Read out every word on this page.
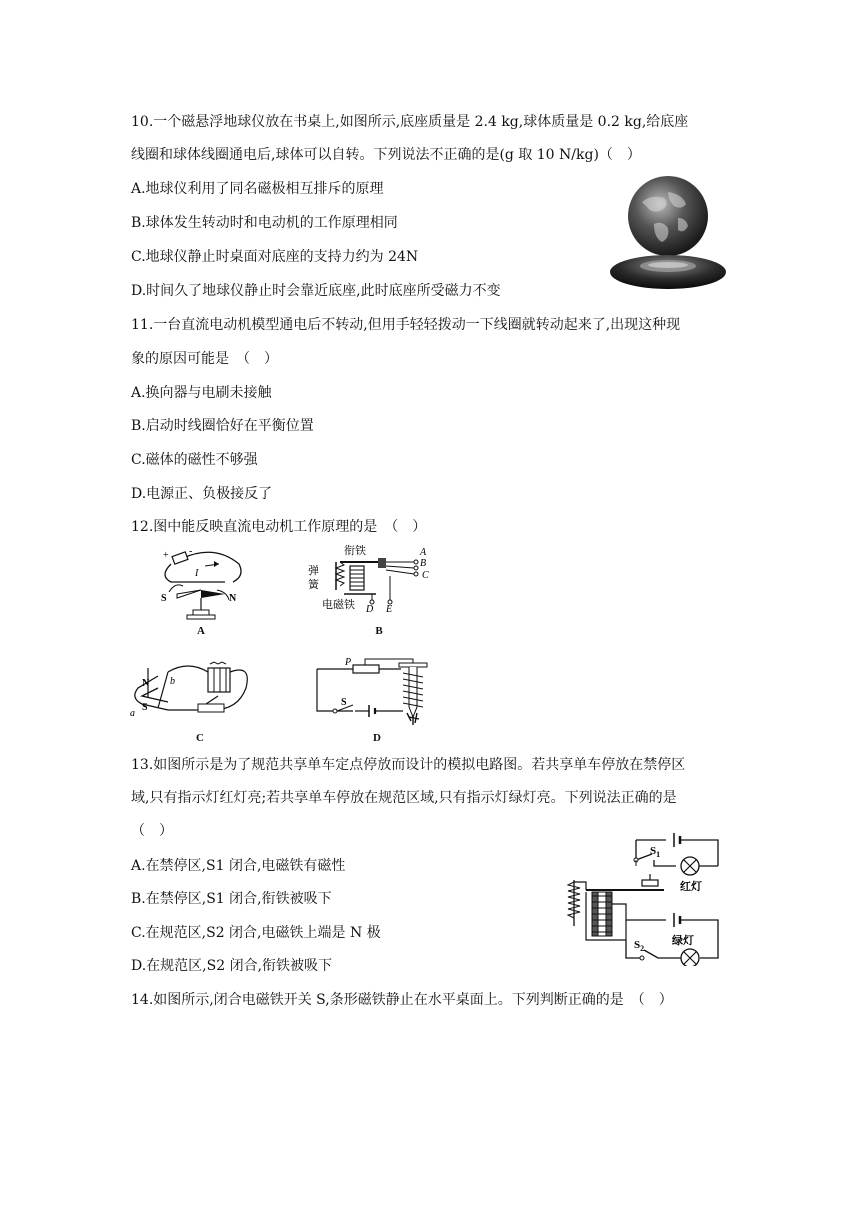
10.一个磁悬浮地球仪放在书桌上,如图所示,底座质量是 2.4 kg,球体质量是 0.2 kg,给底座
线圈和球体线圈通电后,球体可以自转。下列说法不正确的是(g 取 10 N/kg)（　）
A.地球仪利用了同名磁极相互排斥的原理
B.球体发生转动时和电动机的工作原理相同
C.地球仪静止时桌面对底座的支持力约为 24N
D.时间久了地球仪静止时会靠近底座,此时底座所受磁力不变
11.一台直流电动机模型通电后不转动,但用手轻轻拨动一下线圈就转动起来了,出现这种现
象的原因可能是　（　）
A.换向器与电刷未接触
B.启动时线圈恰好在平衡位置
C.磁体的磁性不够强
D.电源正、负极接反了
12.图中能反映直流电动机工作原理的是　（　）
+ -
I
S	N
A
衔铁
弹
簧
A
B
C
电磁铁 D E
B
N
S
a
b
C
P
S
D
13.如图所示是为了规范共享单车定点停放而设计的模拟电路图。若共享单车停放在禁停区
域,只有指示灯红灯亮;若共享单车停放在规范区域,只有指示灯绿灯亮。下列说法正确的是
（　）
A.在禁停区,S1 闭合,电磁铁有磁性
B.在禁停区,S1 闭合,衔铁被吸下
C.在规范区,S2 闭合,电磁铁上端是 N 极
D.在规范区,S2 闭合,衔铁被吸下
$S_1$
红灯
绿灯
$S_2$
14.如图所示,闭合电磁铁开关 S,条形磁铁静止在水平桌面上。下列判断正确的是　（　）
